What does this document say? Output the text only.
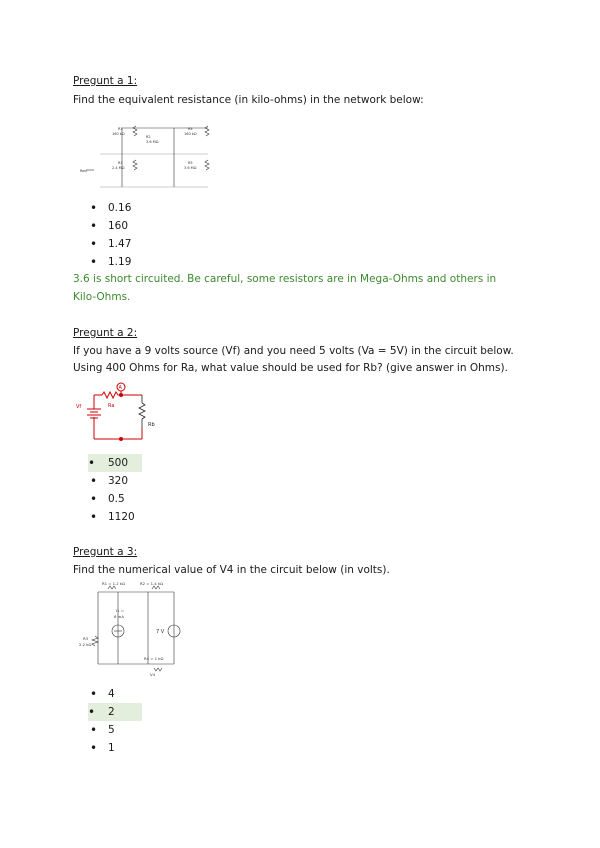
Pregunt a 1:
Find the equivalent resistance (in kilo-ohms) in the network below:
R1
160 kΩ
R2
3.6 MΩ
R3
2.4 MΩ
R4
160 kΩ
R5
3.6 MΩ
Req
• 0.16
• 160
• 1.47
• 1.19
3.6 is short circuited. Be careful, some resistors are in Mega-Ohms and others in
Kilo-Ohms.
Pregunt a 2:
If you have a 9 volts source (Vf) and you need 5 volts (Va = 5V) in the circuit below.
Using 400 Ohms for Ra, what value should be used for Rb? (give answer in Ohms).
A
Vf	Ra
Rb
• 500
• 320
• 0.5
• 1120
Pregunt a 3:
Find the numerical value of V4 in the circuit below (in volts).
R1 = 1.2 kΩ	R2 = 1.4 kΩ
I1 =
6 mA
R3
2.2 kΩ
7 V
R4 = 1 kΩ
V4
• 4
• 2
• 5
• 1
